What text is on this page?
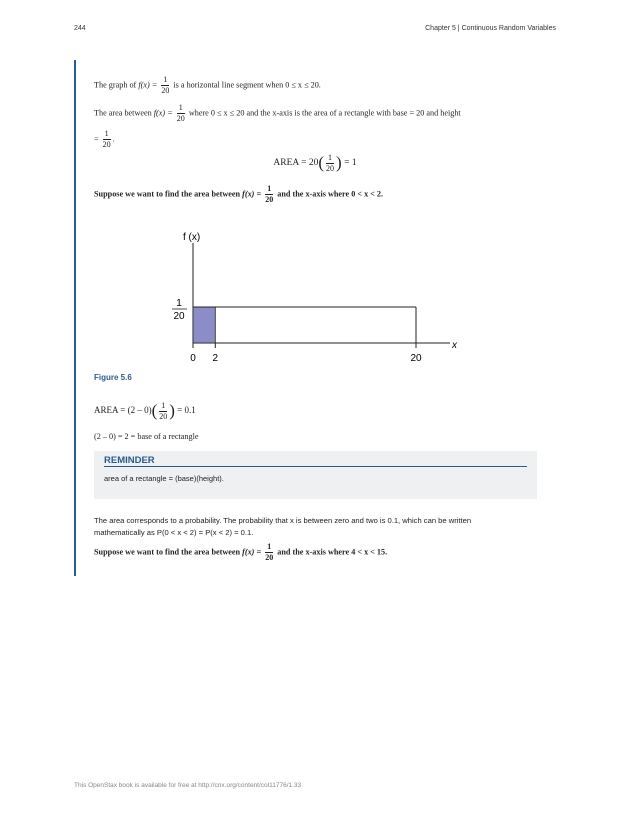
244	Chapter 5 | Continuous Random Variables
The graph of $f(x) = \frac{1}{20}$ is a horizontal line segment when 0 ≤ x ≤ 20.
The area between $f(x) = \frac{1}{20}$ where 0 ≤ x ≤ 20 and the x-axis is the area of a rectangle with base = 20 and height
= $\frac{1}{20}$ .
AREA = $20( \frac{1}{20}$ ) = 1
Suppose we want to find the area between $f(x) = \frac{1}{20}$ and the x-axis where 0 < x < 2.
f (x)
x
1
20
0 2	20
Figure 5.6
AREA = $(2 - 0)( \frac{1}{20}$ ) = 0.1
(2 – 0) = 2 = base of a rectangle
REMINDER
area of a rectangle = (base)(height).
The area corresponds to a probability. The probability that x is between zero and two is 0.1, which can be written
mathematically as P(0 < x < 2) = P(x < 2) = 0.1.
Suppose we want to find the area between $f(x) = \frac{1}{20}$ and the x-axis where 4 < x < 15.
This OpenStax book is available for free at http://cnx.org/content/col11776/1.33
